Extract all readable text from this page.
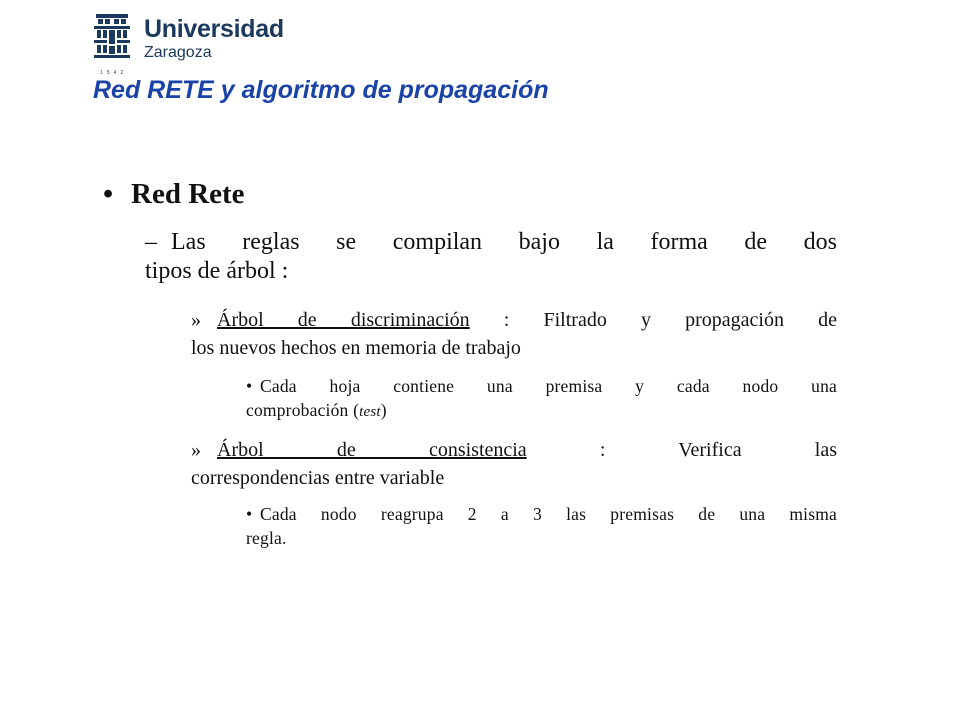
Universidad
Zaragoza
1542
Red RETE y algoritmo de propagación
• Red Rete
– Las reglas se compilan bajo la forma de dos
tipos de árbol :
» Árbol de discriminación : Filtrado y propagación de
los nuevos hechos en memoria de trabajo
• Cada hoja contiene una premisa y cada nodo una
comprobación (test)
» Árbol de consistencia : Verifica las
correspondencias entre variable
• Cada nodo reagrupa 2 a 3 las premisas de una misma
regla.
